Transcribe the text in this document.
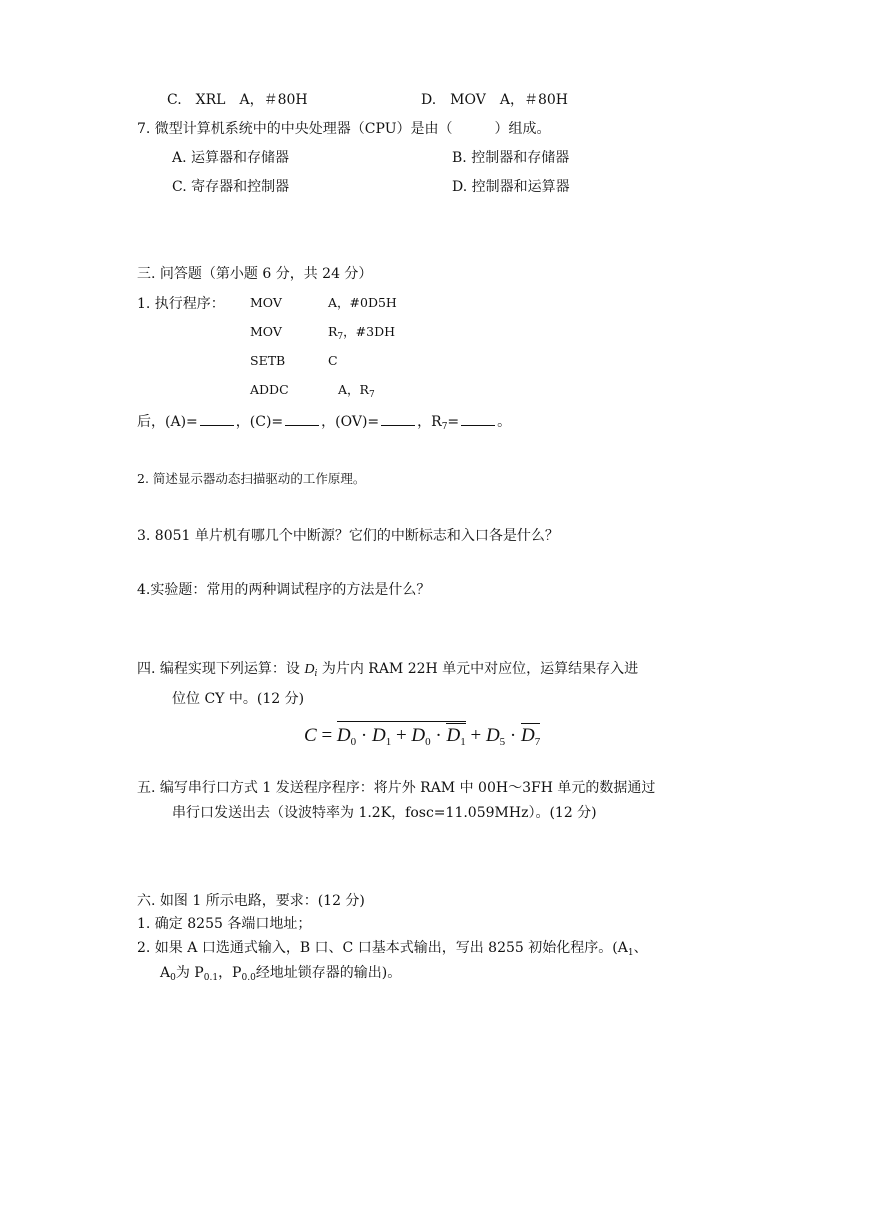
C.　XRL　A，＃80H	D.　MOV　A，＃80H
7. 微型计算机系统中的中央处理器（CPU）是由（　　　）组成。
A. 运算器和存储器	B. 控制器和存储器
C. 寄存器和控制器	D. 控制器和运算器
三. 问答题（第小题 6 分，共 24 分）
1. 执行程序： MOV	A，#0D5H
MOV	$R_7$，#3DH
SETB	C
ADDC	A，$R_7$
后，(A)=	，(C)=	，(OV)=	，$R_7=$	。
2. 简述显示器动态扫描驱动的工作原理。
3. 8051 单片机有哪几个中断源？它们的中断标志和入口各是什么？
4.实验题：常用的两种调试程序的方法是什么？
四. 编程实现下列运算：设 $D_i$ 为片内 RAM 22H 单元中对应位，运算结果存入进
位位 CY 中。(12 分)
$C = D_0 \cdot D_1 + D_0 \cdot D_1 + D_5 \cdot D_7$
五. 编写串行口方式 1 发送程序程序：将片外 RAM 中 00H～3FH 单元的数据通过
串行口发送出去（设波特率为 1.2K，fosc=11.059MHz）。(12 分)
六. 如图 1 所示电路，要求：(12 分)
1. 确定 8255 各端口地址；
2. 如果 A 口选通式输入，B 口、C 口基本式输出，写出 8255 初始化程序。($A_1$、
$A_0$为 $P_{0.1}$，$P_{0.0}$经地址锁存器的输出)。
